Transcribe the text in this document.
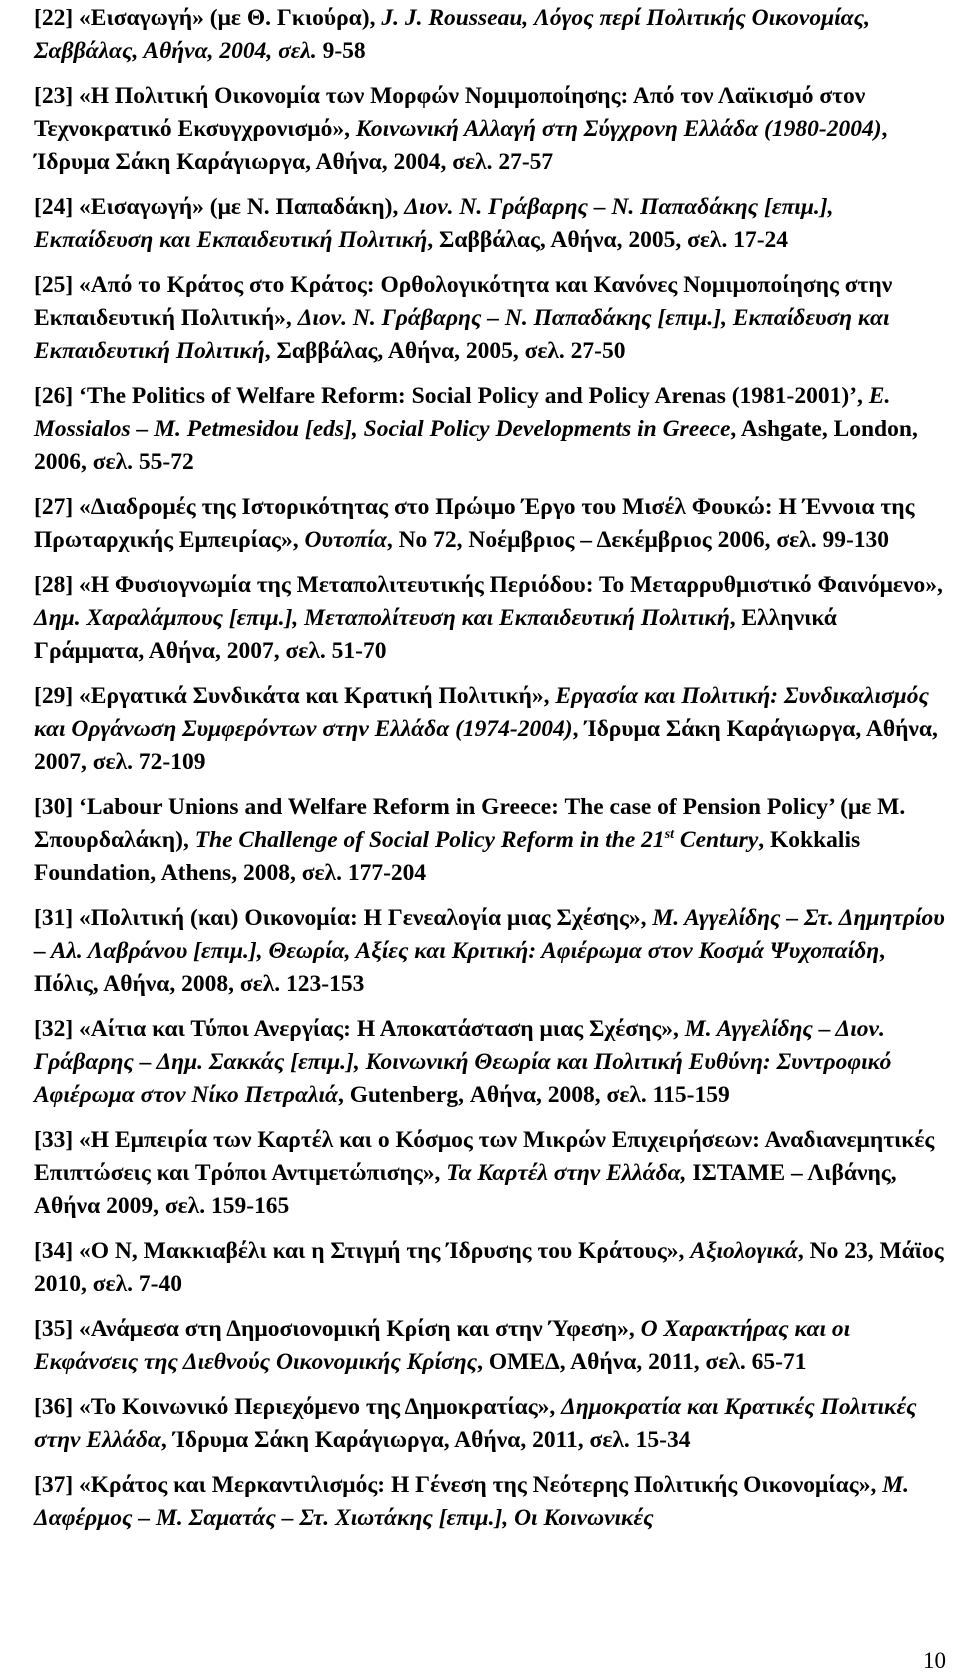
[22] «Εισαγωγή» (με Θ. Γκιούρα), J. J. Rousseau, Λόγος περί Πολιτικής Οικονομίας, Σαββάλας, Αθήνα, 2004, σελ. 9-58

[23] «Η Πολιτική Οικονομία των Μορφών Νομιμοποίησης: Από τον Λαϊκισμό στον Τεχνοκρατικό Εκσυγχρονισμό», Κοινωνική Αλλαγή στη Σύγχρονη Ελλάδα (1980-2004), Ίδρυμα Σάκη Καράγιωργα, Αθήνα, 2004, σελ. 27-57

[24] «Εισαγωγή» (με Ν. Παπαδάκη), Διον. Ν. Γράβαρης – Ν. Παπαδάκης [επιμ.], Εκπαίδευση και Εκπαιδευτική Πολιτική, Σαββάλας, Αθήνα, 2005, σελ. 17-24

[25] «Από το Κράτος στο Κράτος: Ορθολογικότητα και Κανόνες Νομιμοποίησης στην Εκπαιδευτική Πολιτική», Διον. Ν. Γράβαρης – Ν. Παπαδάκης [επιμ.], Εκπαίδευση και Εκπαιδευτική Πολιτική, Σαββάλας, Αθήνα, 2005, σελ. 27-50

[26] ‘The Politics of Welfare Reform: Social Policy and Policy Arenas (1981-2001)’, E. Mossialos – M. Petmesidou [eds], Social Policy Developments in Greece, Ashgate, London, 2006, σελ. 55-72

[27] «Διαδρομές της Ιστορικότητας στο Πρώιμο Έργο του Μισέλ Φουκώ: Η Έννοια της Πρωταρχικής Εμπειρίας», Ουτοπία, Νο 72, Νοέμβριος – Δεκέμβριος 2006, σελ. 99-130

[28] «Η Φυσιογνωμία της Μεταπολιτευτικής Περιόδου: Το Μεταρρυθμιστικό Φαινόμενο», Δημ. Χαραλάμπους [επιμ.], Μεταπολίτευση και Εκπαιδευτική Πολιτική, Ελληνικά Γράμματα, Αθήνα, 2007, σελ. 51-70

[29] «Εργατικά Συνδικάτα και Κρατική Πολιτική», Εργασία και Πολιτική: Συνδικαλισμός και Οργάνωση Συμφερόντων στην Ελλάδα (1974-2004), Ίδρυμα Σάκη Καράγιωργα, Αθήνα, 2007, σελ. 72-109

[30] ‘Labour Unions and Welfare Reform in Greece: The case of Pension Policy’ (με Μ. Σπουρδαλάκη), The Challenge of Social Policy Reform in the 21st Century, Kokkalis Foundation, Athens, 2008, σελ. 177-204

[31] «Πολιτική (και) Οικονομία: Η Γενεαλογία μιας Σχέσης», Μ. Αγγελίδης – Στ. Δημητρίου – Αλ. Λαβράνου [επιμ.], Θεωρία, Αξίες και Κριτική: Αφιέρωμα στον Κοσμά Ψυχοπαίδη, Πόλις, Αθήνα, 2008, σελ. 123-153

[32] «Αίτια και Τύποι Ανεργίας: Η Αποκατάσταση μιας Σχέσης», Μ. Αγγελίδης – Διον. Γράβαρης – Δημ. Σακκάς [επιμ.], Κοινωνική Θεωρία και Πολιτική Ευθύνη: Συντροφικό Αφιέρωμα στον Νίκο Πετραλιά, Gutenberg, Αθήνα, 2008, σελ. 115-159

[33] «Η Εμπειρία των Καρτέλ και ο Κόσμος των Μικρών Επιχειρήσεων: Αναδιανεμητικές Επιπτώσεις και Τρόποι Αντιμετώπισης», Τα Καρτέλ στην Ελλάδα, ΙΣΤΑΜΕ – Λιβάνης, Αθήνα 2009, σελ. 159-165

[34] «Ο Ν, Μακκιαβέλι και η Στιγμή της Ίδρυσης του Κράτους», Αξιολογικά, Νο 23, Μάϊος 2010, σελ. 7-40

[35] «Ανάμεσα στη Δημοσιονομική Κρίση και στην Ύφεση», Ο Χαρακτήρας και οι Εκφάνσεις της Διεθνούς Οικονομικής Κρίσης, ΟΜΕΔ, Αθήνα, 2011, σελ. 65-71

[36] «Το Κοινωνικό Περιεχόμενο της Δημοκρατίας», Δημοκρατία και Κρατικές Πολιτικές στην Ελλάδα, Ίδρυμα Σάκη Καράγιωργα, Αθήνα, 2011, σελ. 15-34

[37] «Κράτος και Μερκαντιλισμός: Η Γένεση της Νεότερης Πολιτικής Οικονομίας», Μ. Δαφέρμος – Μ. Σαματάς – Στ. Χιωτάκης [επιμ.], Οι Κοινωνικές

10
